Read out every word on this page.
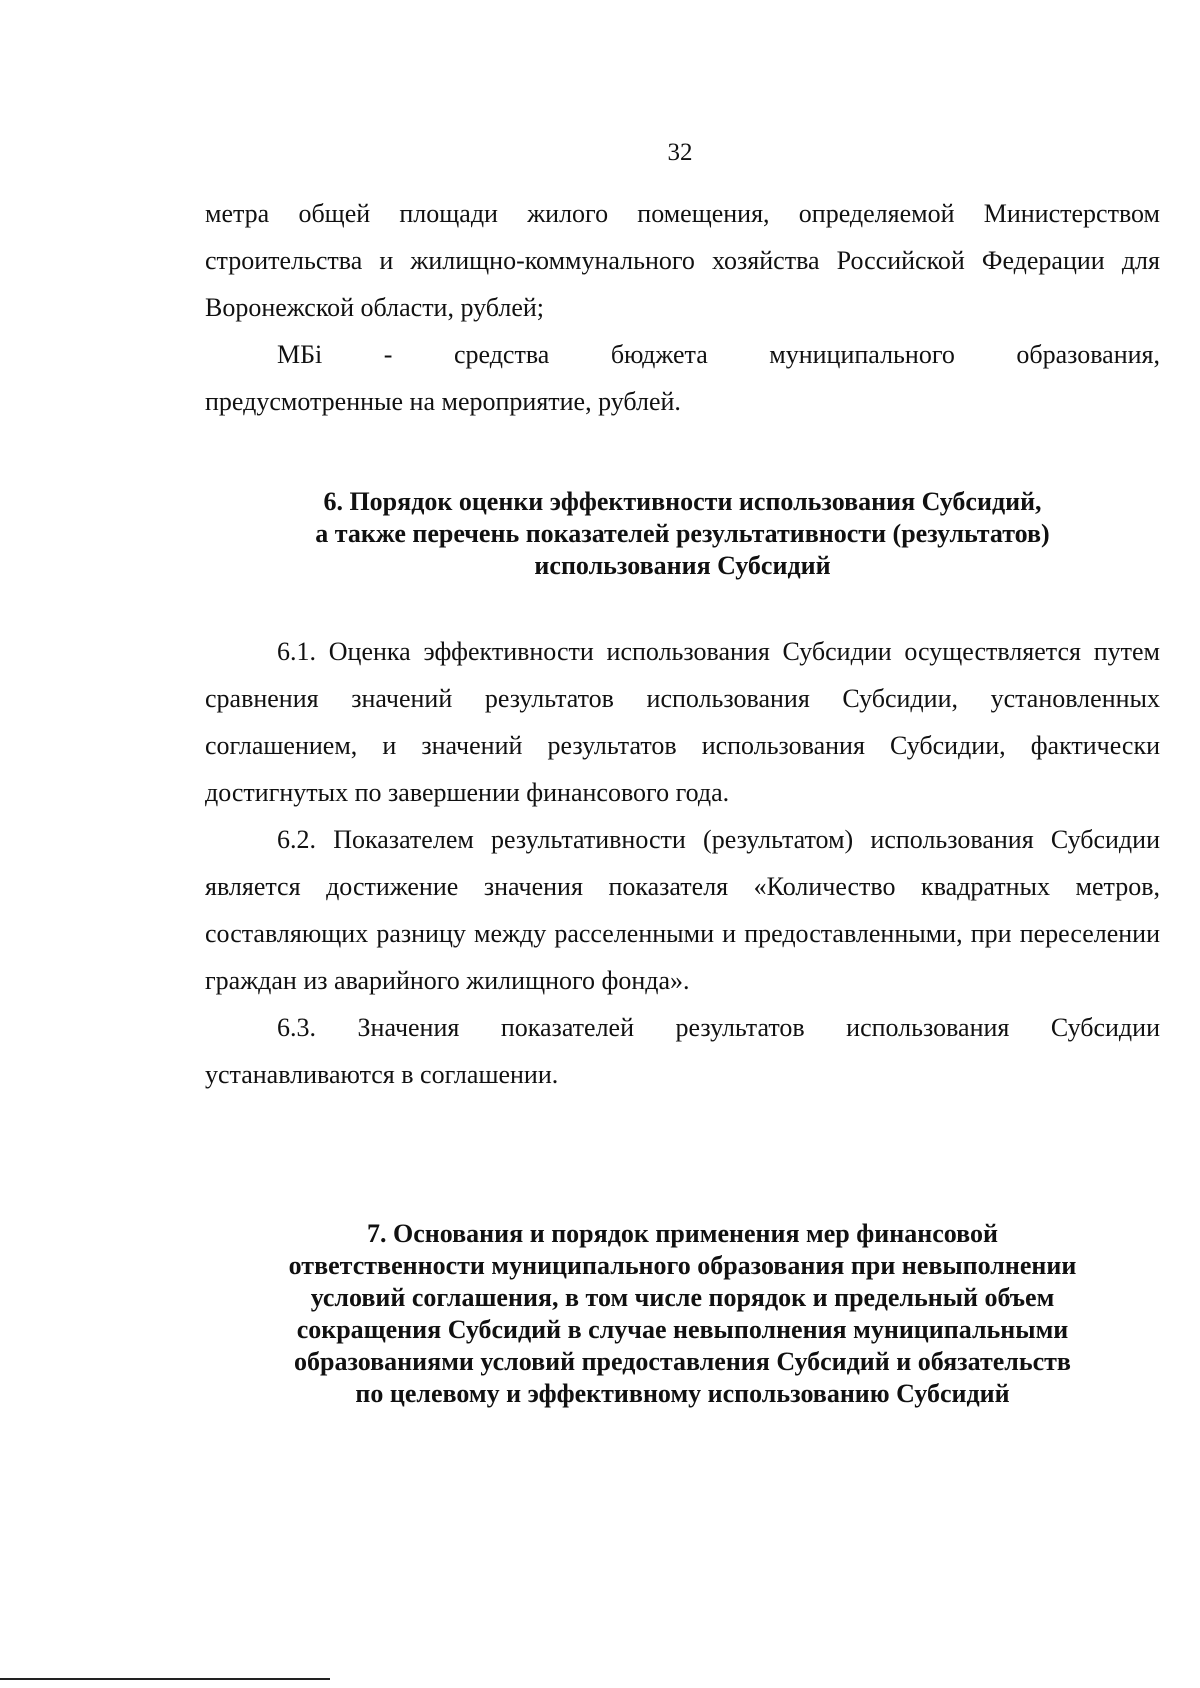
32

метра общей площади жилого помещения, определяемой Министерством строительства и жилищно-коммунального хозяйства Российской Федерации для Воронежской области, рублей;

МБі - средства бюджета муниципального образования,

предусмотренные на мероприятие, рублей.

6. Порядок оценки эффективности использования Субсидий,
а также перечень показателей результативности (результатов)
использования Субсидий

6.1. Оценка эффективности использования Субсидии осуществляется путем сравнения значений результатов использования Субсидии, установленных соглашением, и значений результатов использования Субсидии, фактически достигнутых по завершении финансового года.

6.2. Показателем результативности (результатом) использования Субсидии является достижение значения показателя «Количество квадратных метров, составляющих разницу между расселенными и предоставленными, при переселении граждан из аварийного жилищного фонда».

6.3. Значения показателей результатов использования Субсидии устанавливаются в соглашении.

7. Основания и порядок применения мер финансовой
ответственности муниципального образования при невыполнении
условий соглашения, в том числе порядок и предельный объем
сокращения Субсидий в случае невыполнения муниципальными
образованиями условий предоставления Субсидий и обязательств
по целевому и эффективному использованию Субсидий
